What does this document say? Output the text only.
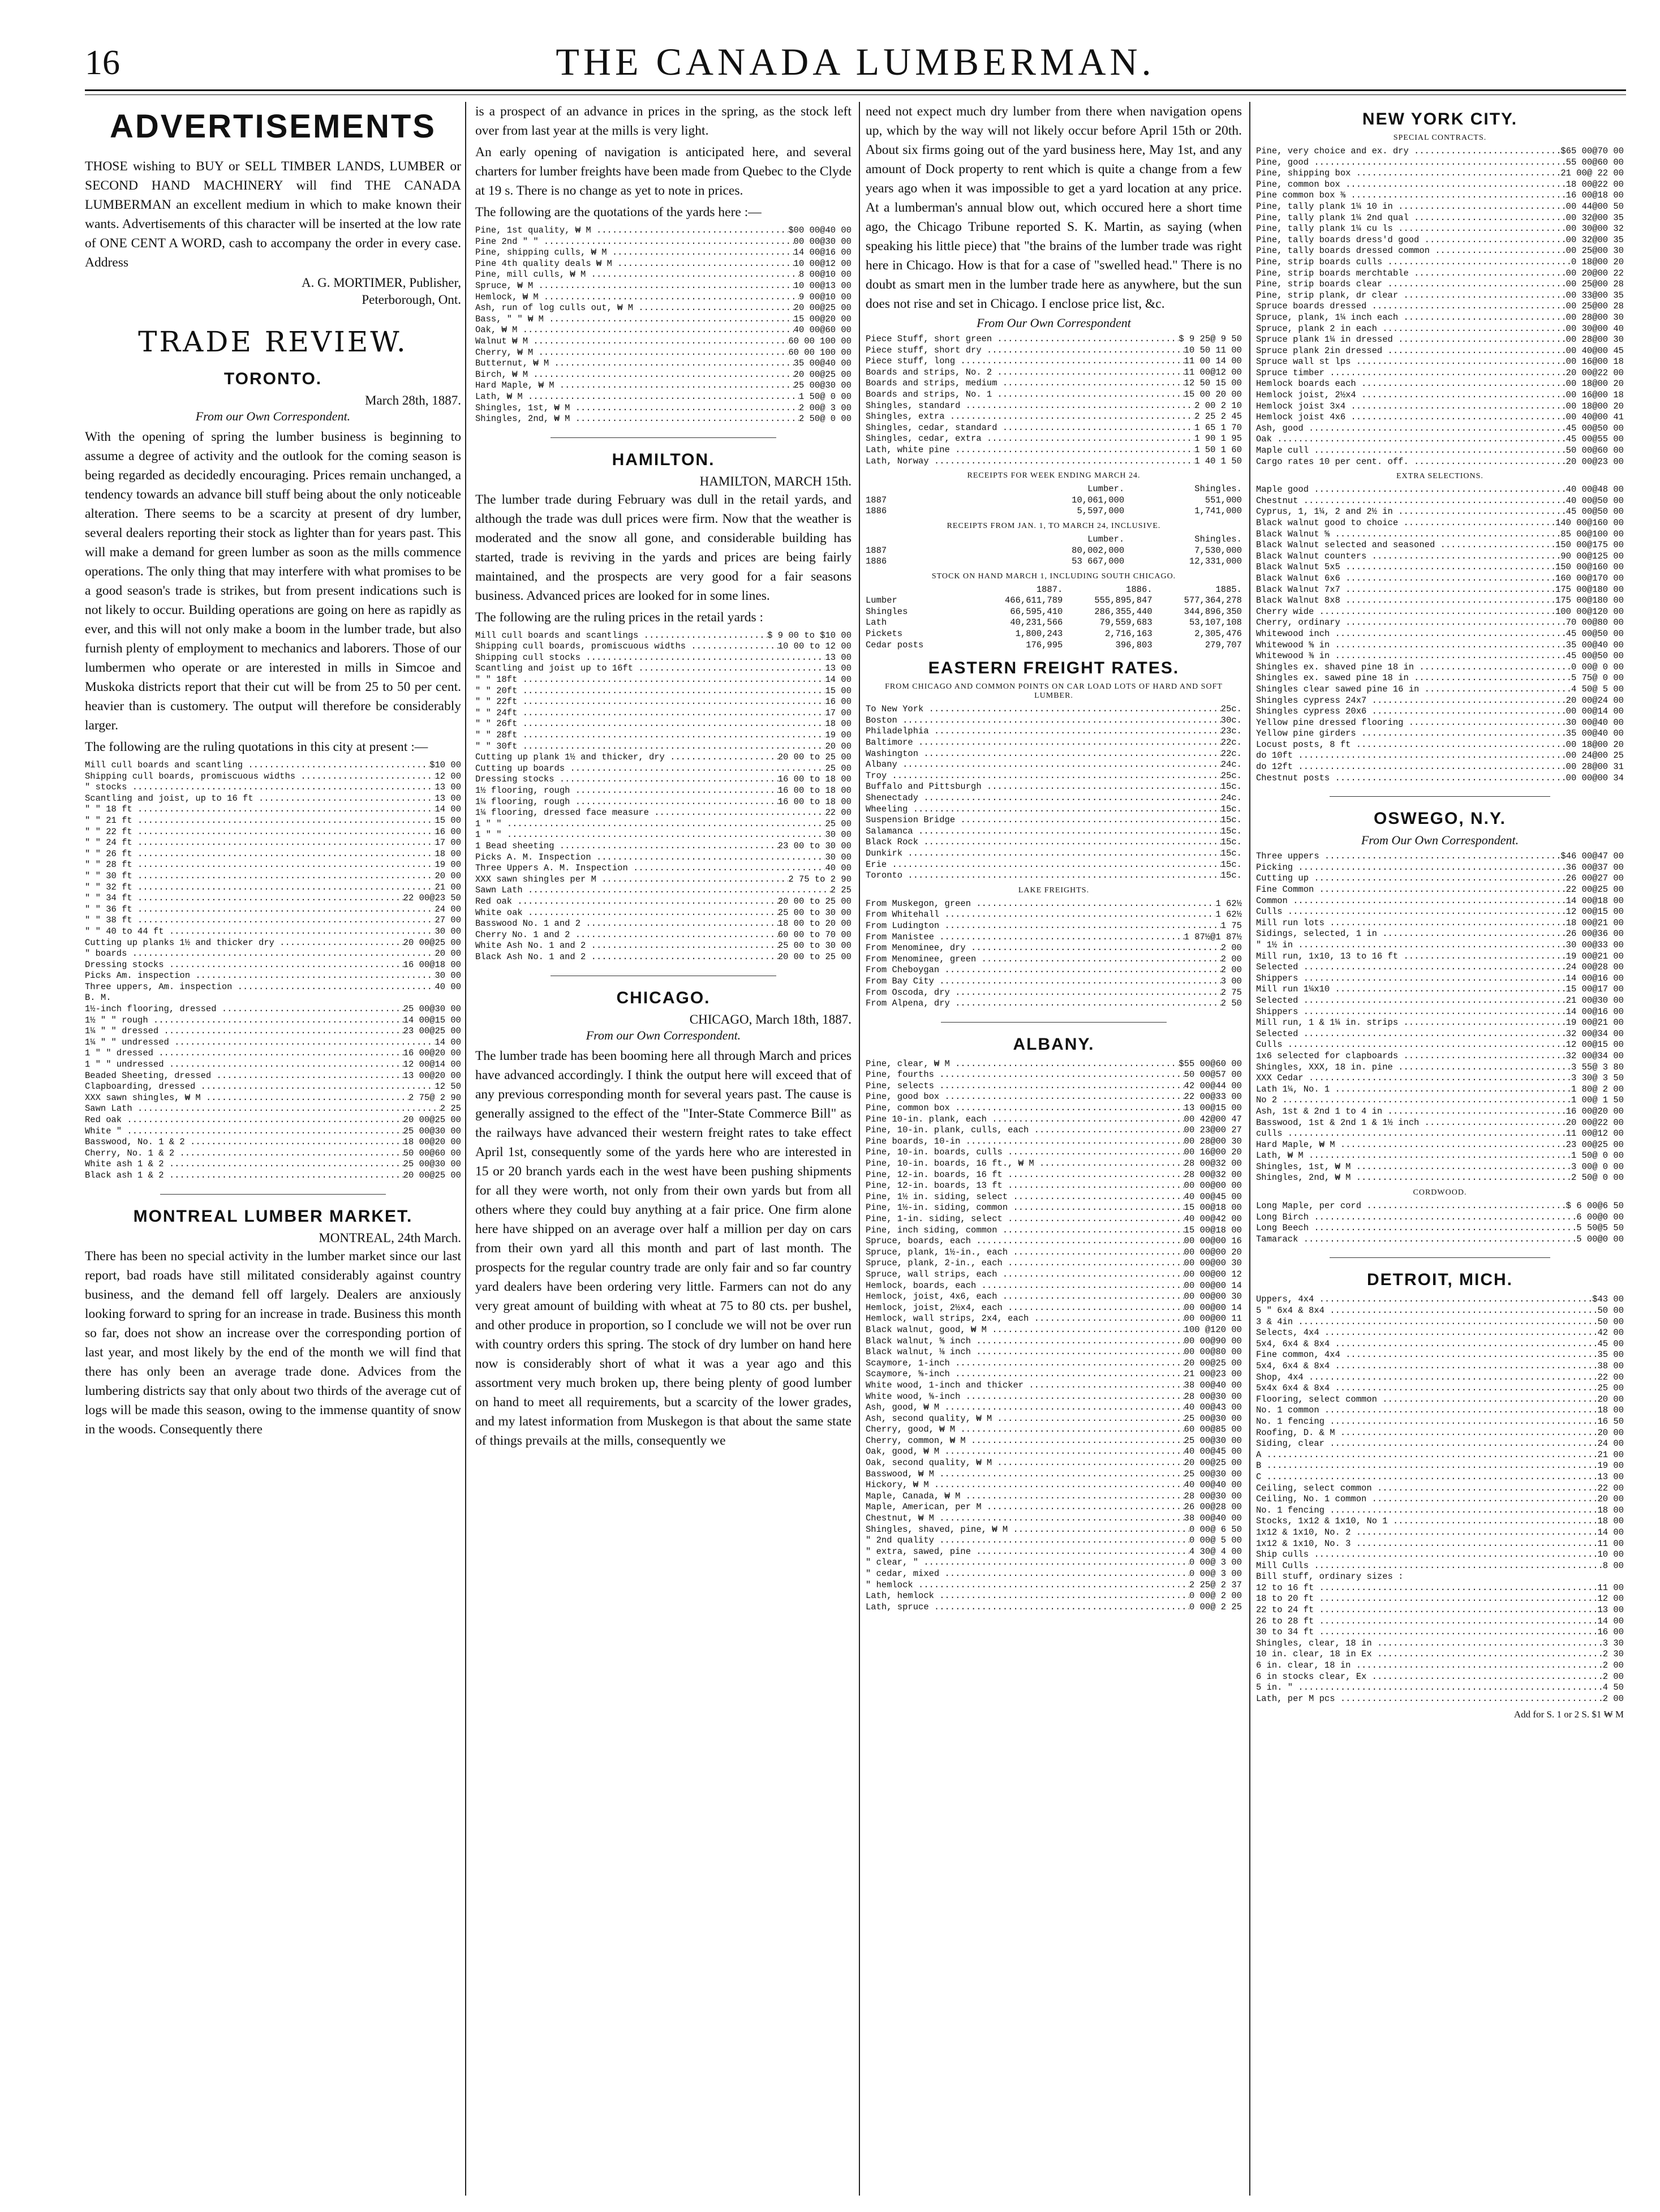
16	THE CANADA LUMBERMAN.
ADVERTISEMENTS

THOSE wishing to BUY or SELL TIMBER LANDS, LUMBER or SECOND HAND MACHINERY will find THE CANADA LUMBERMAN an excellent medium in which to make known their wants. Advertisements of this character will be inserted at the low rate of ONE CENT A WORD, cash to accompany the order in every case. Address

A. G. MORTIMER, Publisher,

Peterborough, Ont.

TRADE REVIEW.
TORONTO.
March 28th, 1887.
From our Own Correspondent.

With the opening of spring the lumber business is beginning to assume a degree of activity and the outlook for the coming season is being regarded as decidedly encouraging. Prices remain unchanged, a tendency towards an advance bill stuff being about the only noticeable alteration. There seems to be a scarcity at present of dry lumber, several dealers reporting their stock as lighter than for years past. This will make a demand for green lumber as soon as the mills commence operations. The only thing that may interfere with what promises to be a good season's trade is strikes, but from present indications such is not likely to occur. Building operations are going on here as rapidly as ever, and this will not only make a boom in the lumber trade, but also furnish plenty of employment to mechanics and laborers. Those of our lumbermen who operate or are interested in mills in Simcoe and Muskoka districts report that their cut will be from 25 to 50 per cent. heavier than is customery. The output will therefore be considerably larger.

The following are the ruling quotations in this city at present :—

Mill cull boards and scantling .....	$10 00
Shipping cull boards, promiscuous widths .....	12 00
" stocks .....	13 00
Scantling and joist, up to 16 ft .....	13 00
" " 18 ft .....	14 00
" " 21 ft .....	15 00
" " 22 ft .....	16 00
" " 24 ft .....	17 00
" " 26 ft .....	18 00
" " 28 ft .....	19 00
" " 30 ft .....	20 00
" " 32 ft .....	21 00
" " 34 ft .....	22 00@23 50
" " 36 ft .....	24 00
" " 38 ft .....	27 00
" " 40 to 44 ft .....	30 00
Cutting up planks 1½ and thicker dry .....	20 00@25 00
" boards .....	20 00
Dressing stocks .....	16 00@18 00
Picks Am. inspection .....	30 00
Three uppers, Am. inspection .....	40 00
B. M.
1½-inch flooring, dressed .....	25 00@30 00
1½ " " rough .....	14 00@15 00
1¼ " " dressed .....	23 00@25 00
1¼ " " undressed .....	14 00
1 " " dressed .....	16 00@20 00
1 " " undressed .....	12 00@14 00
Beaded Sheeting, dressed .....	13 00@20 00
Clapboarding, dressed .....	12 50
XXX sawn shingles, ₩ M .....	2 75@ 2 90
Sawn Lath .....	2 25
Red oak .....	20 00@25 00
White " .....	25 00@30 00
Basswood, No. 1 & 2 .....	18 00@20 00
Cherry, No. 1 & 2 .....	50 00@60 00
White ash 1 & 2 .....	25 00@30 00
Black ash 1 & 2 .....	20 00@25 00
MONTREAL LUMBER MARKET.
MONTREAL, 24th March.

There has been no special activity in the lumber market since our last report, bad roads have still militated considerably against country business, and the demand fell off largely. Dealers are anxiously looking forward to spring for an increase in trade. Business this month so far, does not show an increase over the corresponding portion of last year, and most likely by the end of the month we will find that there has only been an average trade done. Advices from the lumbering districts say that only about two thirds of the average cut of logs will be made this season, owing to the immense quantity of snow in the woods. Consequently there

is a prospect of an advance in prices in the spring, as the stock left over from last year at the mills is very light.

An early opening of navigation is anticipated here, and several charters for lumber freights have been made from Quebec to the Clyde at 19 s. There is no change as yet to note in prices.

The following are the quotations of the yards here :—

Pine, 1st quality, ₩ M .....	$00 00@40 00
Pine 2nd " " .....	00 00@30 00
Pine, shipping culls, ₩ M .....	14 00@16 00
Pine 4th quality deals ₩ M .....	10 00@12 00
Pine, mill culls, ₩ M .....	8 00@10 00
Spruce, ₩ M .....	10 00@13 00
Hemlock, ₩ M .....	9 00@10 00
Ash, run of log culls out, ₩ M .....	20 00@25 00
Bass, " " ₩ M .....	15 00@20 00
Oak, ₩ M .....	40 00@60 00
Walnut ₩ M .....	60 00 100 00
Cherry, ₩ M .....	60 00 100 00
Butternut, ₩ M .....	35 00@40 00
Birch, ₩ M .....	20 00@25 00
Hard Maple, ₩ M .....	25 00@30 00
Lath, ₩ M .....	1 50@ 0 00
Shingles, 1st, ₩ M .....	2 00@ 3 00
Shingles, 2nd, ₩ M .....	2 50@ 0 00
HAMILTON.
HAMILTON, MARCH 15th.

The lumber trade during February was dull in the retail yards, and although the trade was dull prices were firm. Now that the weather is moderated and the snow all gone, and considerable building has started, trade is reviving in the yards and prices are being fairly maintained, and the prospects are very good for a fair seasons business. Advanced prices are looked for in some lines.

The following are the ruling prices in the retail yards :

Mill cull boards and scantlings .....	$ 9 00 to $10 00
Shipping cull boards, promiscuous widths .....	10 00 to 12 00
Shipping cull stocks .....	13 00
Scantling and joist up to 16ft .....	13 00
" " 18ft .....	14 00
" " 20ft .....	15 00
" " 22ft .....	16 00
" " 24ft .....	17 00
" " 26ft .....	18 00
" " 28ft .....	19 00
" " 30ft .....	20 00
Cutting up plank 1½ and thicker, dry .....	20 00 to 25 00
Cutting up boards .....	25 00
Dressing stocks .....	16 00 to 18 00
1½ flooring, rough .....	16 00 to 18 00
1¼ flooring, rough .....	16 00 to 18 00
1¼ flooring, dressed face measure .....	22 00
1 " " .....	25 00
1 " " .....	30 00
1 Bead sheeting .....	23 00 to 30 00
Picks A. M. Inspection .....	30 00
Three Uppers A. M. Inspection .....	40 00
XXX sawn shingles per M .....	2 75 to 2 90
Sawn Lath .....	2 25
Red oak .....	20 00 to 25 00
White oak .....	25 00 to 30 00
Basswood No. 1 and 2 .....	18 00 to 20 00
Cherry No. 1 and 2 .....	60 00 to 70 00
White Ash No. 1 and 2 .....	25 00 to 30 00
Black Ash No. 1 and 2 .....	20 00 to 25 00
CHICAGO.
CHICAGO, March 18th, 1887.
From our Own Correspondent.

The lumber trade has been booming here all through March and prices have advanced accordingly. I think the output here will exceed that of any previous corresponding month for several years past. The cause is generally assigned to the effect of the "Inter-State Commerce Bill" as the railways have advanced their western freight rates to take effect April 1st, consequently some of the yards here who are interested in 15 or 20 branch yards each in the west have been pushing shipments for all they were worth, not only from their own yards but from all others where they could buy anything at a fair price. One firm alone here have shipped on an average over half a million per day on cars from their own yard all this month and part of last month. The prospects for the regular country trade are only fair and so far country yard dealers have been ordering very little. Farmers can not do any very great amount of building with wheat at 75 to 80 cts. per bushel, and other produce in proportion, so I conclude we will not be over run with country orders this spring. The stock of dry lumber on hand here now is considerably short of what it was a year ago and this assortment very much broken up, there being plenty of good lumber on hand to meet all requirements, but a scarcity of the lower grades, and my latest information from Muskegon is that about the same state of things prevails at the mills, consequently we

need not expect much dry lumber from there when navigation opens up, which by the way will not likely occur before April 15th or 20th. About six firms going out of the yard business here, May 1st, and any amount of Dock property to rent which is quite a change from a few years ago when it was impossible to get a yard location at any price. At a lumberman's annual blow out, which occured here a short time ago, the Chicago Tribune reported S. K. Martin, as saying (when speaking his little piece) that "the brains of the lumber trade was right here in Chicago. How is that for a case of "swelled head." There is no doubt as smart men in the lumber trade here as anywhere, but the sun does not rise and set in Chicago. I enclose price list, &c.

From Our Own Correspondent
Piece Stuff, short green .....	$ 9 25@ 9 50
Piece stuff, short dry .....	10 50 11 00
Piece stuff, long .....	11 00 14 00
Boards and strips, No. 2 .....	11 00@12 00
Boards and strips, medium .....	12 50 15 00
Boards and strips, No. 1 .....	15 00 20 00
Shingles, standard .....	2 00 2 10
Shingles, extra .....	2 25 2 45
Shingles, cedar, standard .....	1 65 1 70
Shingles, cedar, extra .....	1 90 1 95
Lath, white pine .....	1 50 1 60
Lath, Norway .....	1 40 1 50
RECEIPTS FOR WEEK ENDING MARCH 24.
Lumber.	Shingles.
1887	10,061,000	551,000
1886	5,597,000	1,741,000
RECEIPTS FROM JAN. 1, TO MARCH 24, INCLUSIVE.
Lumber.	Shingles.
1887	80,002,000	7,530,000
1886	53 667,000	12,331,000
STOCK ON HAND MARCH 1, INCLUDING SOUTH CHICAGO.
1887.	1886.	1885.
Lumber	466,611,789	555,895,847	577,364,278
Shingles	66,595,410	286,355,440	344,896,350
Lath	40,231,566	79,559,683	53,107,108
Pickets	1,800,243	2,716,163	2,305,476
Cedar posts	176,995	396,803	279,707
EASTERN FREIGHT RATES.
FROM CHICAGO AND COMMON POINTS ON CAR LOAD LOTS OF HARD AND SOFT LUMBER.
To New York .....	25c.
Boston .....	30c.
Philadelphia .....	23c.
Baltimore .....	22c.
Washington .....	22c.
Albany .....	24c.
Troy .....	25c.
Buffalo and Pittsburgh .....	15c.
Shenectady .....	24c.
Wheeling .....	15c.
Suspension Bridge .....	15c.
Salamanca .....	15c.
Black Rock .....	15c.
Dunkirk .....	15c.
Erie .....	15c.
Toronto .....	15c.
LAKE FREIGHTS.
From Muskegon, green .....	1 62½
From Whitehall .....	1 62½
From Ludington .....	1 75
From Manistee .....	1 87½@1 87½
From Menominee, dry .....	2 00
From Menominee, green .....	2 00
From Cheboygan .....	2 00
From Bay City .....	3 00
From Oscoda, dry .....	2 75
From Alpena, dry .....	2 50
ALBANY.
Pine, clear, ₩ M .....	$55 00@60 00
Pine, fourths .....	50 00@57 00
Pine, selects .....	42 00@44 00
Pine, good box .....	22 00@33 00
Pine, common box .....	13 00@15 00
Pine 10-in. plank, each .....	00 42@00 47
Pine, 10-in. plank, culls, each .....	00 23@00 27
Pine boards, 10-in .....	00 28@00 30
Pine, 10-in. boards, culls .....	00 16@00 20
Pine, 10-in. boards, 16 ft., ₩ M .....	28 00@32 00
Pine, 12-in. boards, 16 ft .....	28 00@32 00
Pine, 12-in. boards, 13 ft .....	00 00@00 00
Pine, 1½ in. siding, select .....	40 00@45 00
Pine, 1½-in. siding, common .....	15 00@18 00
Pine, 1-in. siding, select .....	40 00@42 00
Pine, inch siding, common .....	15 00@18 00
Spruce, boards, each .....	00 00@00 16
Spruce, plank, 1½-in., each .....	00 00@00 20
Spruce, plank, 2-in., each .....	00 00@00 30
Spruce, wall strips, each .....	00 00@00 12
Hemlock, boards, each .....	00 00@00 14
Hemlock, joist, 4x6, each .....	00 00@00 30
Hemlock, joist, 2½x4, each .....	00 00@00 14
Hemlock, wall strips, 2x4, each .....	00 00@00 11
Black walnut, good, ₩ M .....	100 @120 00
Black walnut, ⅝ inch .....	00 00@90 00
Black walnut, ⅛ inch .....	00 00@80 00
Scaymore, 1-inch .....	20 00@25 00
Scaymore, ⅝-inch .....	21 00@23 00
White wood, 1-inch and thicker .....	38 00@40 00
White wood, ⅝-inch .....	28 00@30 00
Ash, good, ₩ M .....	40 00@43 00
Ash, second quality, ₩ M .....	25 00@30 00
Cherry, good, ₩ M .....	60 00@85 00
Cherry, common, ₩ M .....	25 00@30 00
Oak, good, ₩ M .....	40 00@45 00
Oak, second quality, ₩ M .....	20 00@25 00
Basswood, ₩ M .....	25 00@30 00
Hickory, ₩ M .....	40 00@40 00
Maple, Canada, ₩ M .....	28 00@30 00
Maple, American, per M .....	26 00@28 00
Chestnut, ₩ M .....	38 00@40 00
Shingles, shaved, pine, ₩ M .....	0 00@ 6 50
" 2nd quality .....	0 00@ 5 00
" extra, sawed, pine .....	4 30@ 4 00
" clear, " .....	0 00@ 3 00
" cedar, mixed .....	0 00@ 3 00
" hemlock .....	2 25@ 2 37
Lath, hemlock .....	0 00@ 2 00
Lath, spruce .....	0 00@ 2 25
NEW YORK CITY.
SPECIAL CONTRACTS.
Pine, very choice and ex. dry .....	$65 00@70 00
Pine, good .....	55 00@60 00
Pine, shipping box .....	21 00@ 22 00
Pine, common box .....	18 00@22 00
Pine common box ⅜ .....	16 00@18 00
Pine, tally plank 1¼ 10 in .....	00 44@00 50
Pine, tally plank 1¼ 2nd qual .....	00 32@00 35
Pine, tally plank 1¼ cu ls .....	00 30@00 32
Pine, tally boards dress'd good .....	00 32@00 35
Pine, tally boards dressed common .....	00 25@00 30
Pine, strip boards culls .....	0 18@00 20
Pine, strip boards merchtable .....	00 20@00 22
Pine, strip boards clear .....	00 25@00 28
Pine, strip plank, dr clear .....	00 33@00 35
Spruce boards dressed .....	00 25@00 28
Spruce, plank, 1¼ inch each .....	00 28@00 30
Spruce, plank 2 in each .....	00 30@00 40
Spruce plank 1¼ in dressed .....	00 28@00 30
Spruce plank 2in dressed .....	00 40@00 45
Spruce wall st lps .....	00 16@00 18
Spruce timber .....	20 00@22 00
Hemlock boards each .....	00 18@00 20
Hemlock joist, 2½x4 .....	00 16@00 18
Hemlock joist 3x4 .....	00 18@00 20
Hemlock joist 4x6 .....	00 40@00 41
Ash, good .....	45 00@50 00
Oak .....	45 00@55 00
Maple cull .....	50 00@60 00
Cargo rates 10 per cent. off. .....	20 00@23 00
EXTRA SELECTIONS.
Maple good .....	40 00@48 00
Chestnut .....	40 00@50 00
Cyprus, 1, 1¼, 2 and 2½ in .....	45 00@50 00
Black walnut good to choice .....	140 00@160 00
Black Walnut ⅝ .....	85 00@100 00
Black Walnut selected and seasoned .....	150 00@175 00
Black Walnut counters .....	90 00@125 00
Black Walnut 5x5 .....	150 00@160 00
Black Walnut 6x6 .....	160 00@170 00
Black Walnut 7x7 .....	175 00@180 00
Black Walnut 8x8 .....	175 00@180 00
Cherry wide .....	100 00@120 00
Cherry, ordinary .....	70 00@80 00
Whitewood inch .....	45 00@50 00
Whitewood ⅝ in .....	35 00@40 00
Whitewood ⅜ in .....	45 00@50 00
Shingles ex. shaved pine 18 in .....	0 00@ 0 00
Shingles ex. sawed pine 18 in .....	5 75@ 0 00
Shingles clear sawed pine 16 in .....	4 50@ 5 00
Shingles cypress 24x7 .....	20 00@24 00
Shingles cypress 20x6 .....	00 00@14 00
Yellow pine dressed flooring .....	30 00@40 00
Yellow pine girders .....	35 00@40 00
Locust posts, 8 ft .....	00 18@00 20
do 10ft .....	00 24@00 25
do 12ft .....	00 28@00 31
Chestnut posts .....	00 00@00 34
OSWEGO, N.Y.
From Our Own Correspondent.
Three uppers .....	$46 00@47 00
Picking .....	36 00@37 00
Cutting up .....	26 00@27 00
Fine Common .....	22 00@25 00
Common .....	14 00@18 00
Culls .....	12 00@15 00
Mill run lots .....	18 00@21 00
Sidings, selected, 1 in .....	26 00@36 00
" 1½ in .....	30 00@33 00
Mill run, 1x10, 13 to 16 ft .....	19 00@21 00
Selected .....	24 00@28 00
Shippers .....	14 00@16 00
Mill run 1¼x10 .....	15 00@17 00
Selected .....	21 00@30 00
Shippers .....	14 00@16 00
Mill run, 1 & 1¼ in. strips .....	19 00@21 00
Selected .....	32 00@34 00
Culls .....	12 00@15 00
1x6 selected for clapboards .....	32 00@34 00
Shingles, XXX, 18 in. pine .....	3 55@ 3 80
XXX Cedar .....	3 30@ 3 50
Lath 1¼, No. 1 .....	1 80@ 2 00
No 2 .....	1 00@ 1 50
Ash, 1st & 2nd 1 to 4 in .....	16 00@20 00
Basswood, 1st & 2nd 1 & 1½ inch .....	20 00@22 00
culls .....	11 00@12 00
Hard Maple, ₩ M .....	23 00@25 00
Lath, ₩ M .....	1 50@ 0 00
Shingles, 1st, ₩ M .....	3 00@ 0 00
Shingles, 2nd, ₩ M .....	2 50@ 0 00
CORDWOOD.
Long Maple, per cord .....	$ 6 00@6 50
Long Birch .....	6 00@0 00
Long Beech .....	5 50@5 50
Tamarack .....	5 00@0 00
DETROIT, MICH.
Uppers, 4x4 .....	$43 00
5 " 6x4 & 8x4 .....	50 00
3 & 4in .....	50 00
Selects, 4x4 .....	42 00
5x4, 6x4 & 8x4 .....	45 00
Fine common, 4x4 .....	35 00
5x4, 6x4 & 8x4 .....	38 00
Shop, 4x4 .....	22 00
5x4x 6x4 & 8x4 .....	25 00
Flooring, select common .....	20 00
No. 1 common .....	18 00
No. 1 fencing .....	16 50
Roofing, D. & M .....	20 00
Siding, clear .....	24 00
A .....	21 00
B .....	19 00
C .....	13 00
Ceiling, select common .....	22 00
Ceiling, No. 1 common .....	20 00
No. 1 fencing .....	18 00
Stocks, 1x12 & 1x10, No 1 .....	18 00
1x12 & 1x10, No. 2 .....	14 00
1x12 & 1x10, No. 3 .....	11 00
Ship culls .....	10 00
Mill Culls .....	8 00
Bill stuff, ordinary sizes :
12 to 16 ft .....	11 00
18 to 20 ft .....	12 00
22 to 24 ft .....	13 00
26 to 28 ft .....	14 00
30 to 34 ft .....	16 00
Shingles, clear, 18 in .....	3 30
10 in. clear, 18 in Ex .....	2 30
6 in. clear, 18 in .....	2 00
6 in stocks clear, Ex .....	2 00
5 in. " .....	4 50
Lath, per M pcs .....	2 00
Add for S. 1 or 2 S. $1 ₩ M
